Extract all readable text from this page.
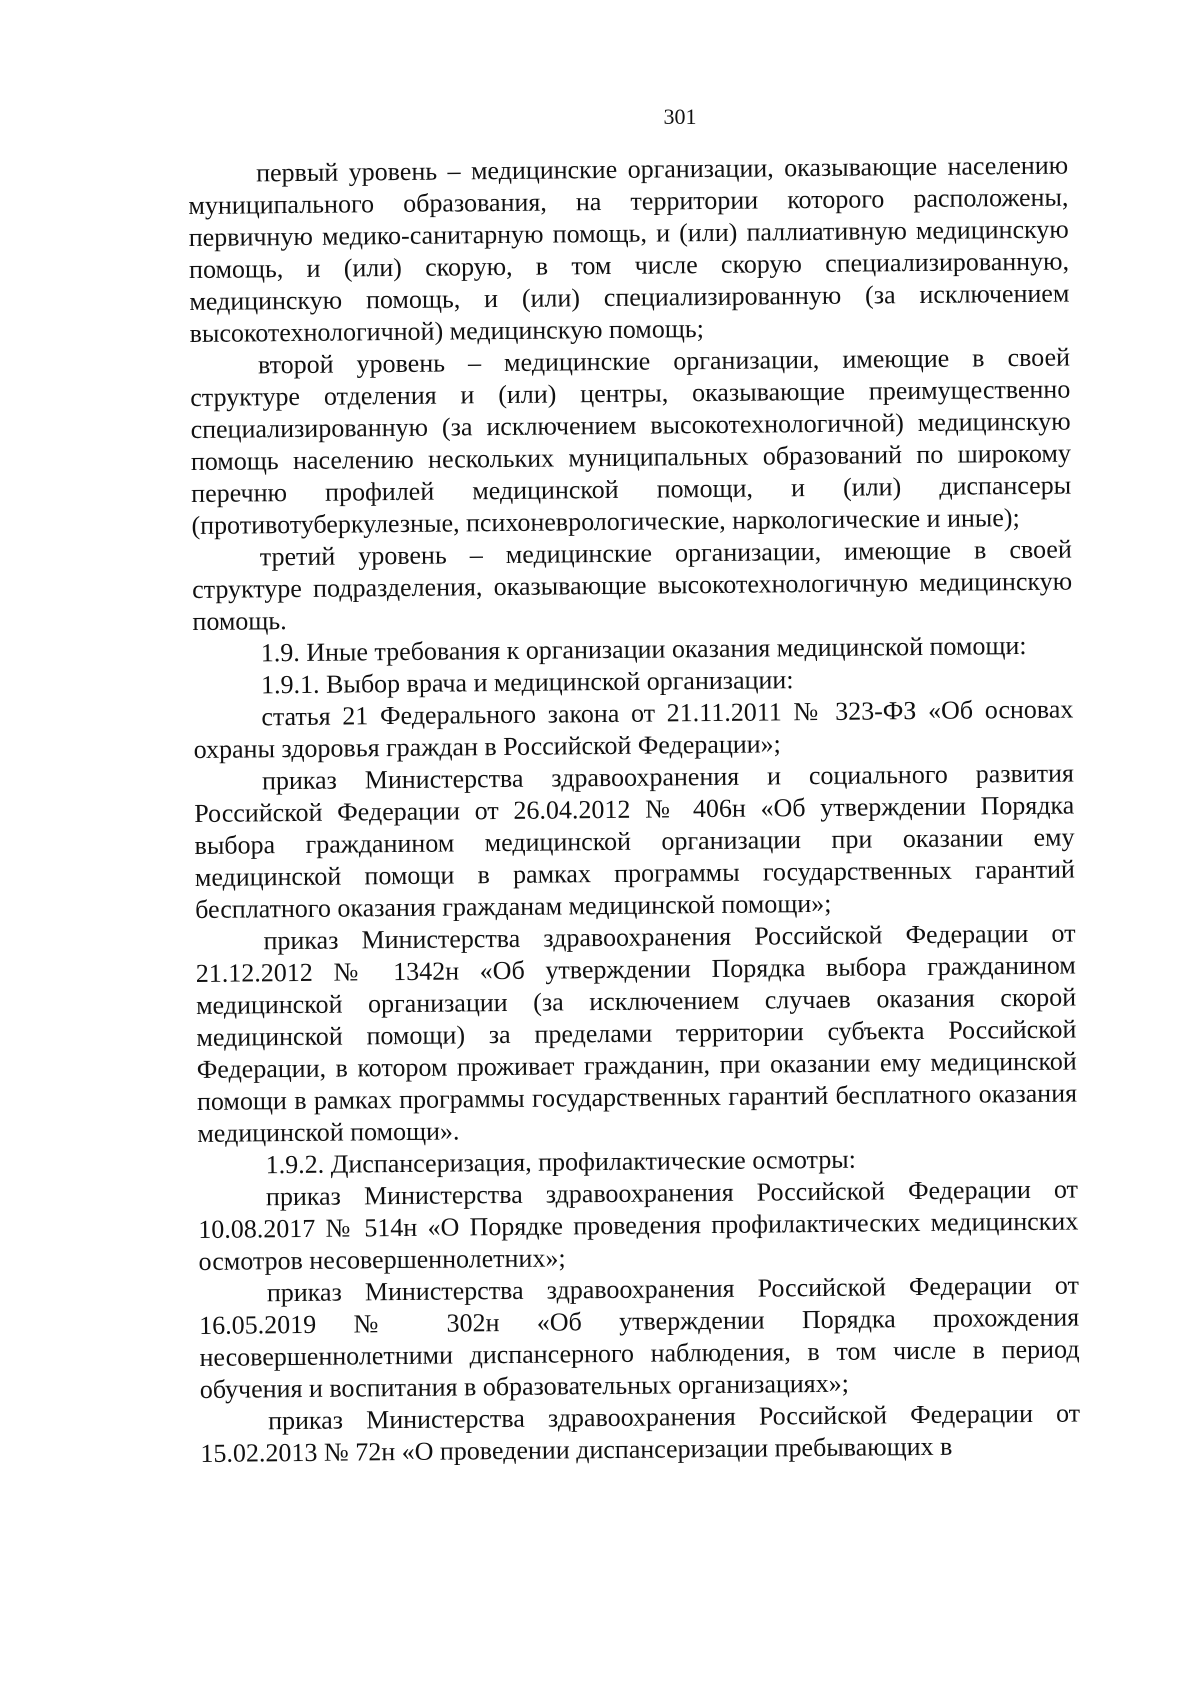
301

первый уровень – медицинские организации, оказывающие населению муниципального образования, на территории которого расположены, первичную медико-санитарную помощь, и (или) паллиативную медицинскую помощь, и (или) скорую, в том числе скорую специализированную, медицинскую помощь, и (или) специализированную (за исключением высокотехнологичной) медицинскую помощь;

второй уровень – медицинские организации, имеющие в своей структуре отделения и (или) центры, оказывающие преимущественно специализированную (за исключением высокотехнологичной) медицинскую помощь населению нескольких муниципальных образований по широкому перечню профилей медицинской помощи, и (или) диспансеры (противотуберкулезные, психоневрологические, наркологические и иные);

третий уровень – медицинские организации, имеющие в своей структуре подразделения, оказывающие высокотехнологичную медицинскую помощь.

1.9. Иные требования к организации оказания медицинской помощи:

1.9.1. Выбор врача и медицинской организации:

статья 21 Федерального закона от 21.11.2011 № 323-ФЗ «Об основах охраны здоровья граждан в Российской Федерации»;

приказ Министерства здравоохранения и социального развития Российской Федерации от 26.04.2012 № 406н «Об утверждении Порядка выбора гражданином медицинской организации при оказании ему медицинской помощи в рамках программы государственных гарантий бесплатного оказания гражданам медицинской помощи»;

приказ Министерства здравоохранения Российской Федерации от 21.12.2012 № 1342н «Об утверждении Порядка выбора гражданином медицинской организации (за исключением случаев оказания скорой медицинской помощи) за пределами территории субъекта Российской Федерации, в котором проживает гражданин, при оказании ему медицинской помощи в рамках программы государственных гарантий бесплатного оказания медицинской помощи».

1.9.2. Диспансеризация, профилактические осмотры:

приказ Министерства здравоохранения Российской Федерации от 10.08.2017 № 514н «О Порядке проведения профилактических медицинских осмотров несовершеннолетних»;

приказ Министерства здравоохранения Российской Федерации от 16.05.2019 № 302н «Об утверждении Порядка прохождения несовершеннолетними диспансерного наблюдения, в том числе в период обучения и воспитания в образовательных организациях»;

приказ Министерства здравоохранения Российской Федерации от 15.02.2013 № 72н «О проведении диспансеризации пребывающих в
